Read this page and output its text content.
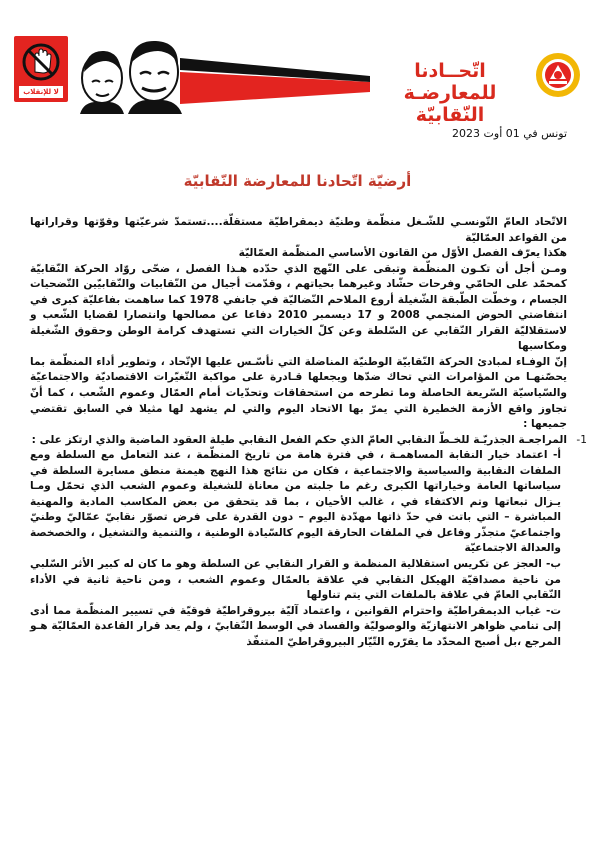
لا للإنقلاب
اتّحــادنا للمعارضـة
النّقابيّة
تونس في 01 أوت 2023
أرضيّة اتّحادنا للمعارضة النّقابيّة

الاتّحاد العامّ التّونسـي للشّـغل منظّمة وطنيّة ديمقراطيّة مستقلّة....تستمدّ شرعيّتها وقوّتها وقراراتها من القواعد العمّاليّة

هكذا يعرّف الفصل الأوّل من القانون الأساسي المنظّمة العمّاليّة

ومـن أجل أن تكـون المنظّمة وتبقى على النّهج الذي حدّده هـذا الفصل ، ضحّى روّاد الحركة النّقابيّة كمحمّد على الحامّي وفرحات حشّاد وغيرهما بحياتهم ، وقدّمت أجيال من النّقابيات والنّقابيّين التّضحيات الجسام ، وخطّت الطّبقة الشّغيلة أروع الملاحم النّضاليّة في جانفي 1978 كما ساهمت بفاعليّة كبرى في انتفاضتي الحوض المنجمي 2008 و 17 ديسمبر 2010 دفاعا عن مصالحها وانتصارا لقضايا الشّعب و لاستقلاليّة القرار النّقابي عن السّلطة وعن كلّ الخيارات التي تستهدف كرامة الوطن وحقوق الشّغيلة ومكاسبها

إنّ الوفـاء لمبادئ الحركة النّقابيّة الوطنيّة المناضلة التي تأسّـس عليها الإتّحاد ، وتطوير أداء المنظّمة بما يحصّنهـا من المؤامرات التي تحاك ضدّها ويجعلها قـادرة على مواكبة التّغيّرات الاقتصاديّة والاجتماعيّة والسّياسيّة السّريعة الحاصلة وما تطرحه من استحقاقات وتحدّيات أمام العمّال وعموم الشّعب ، كما أنّ تجاوز واقع الأزمة الخطيرة التي يمرّ بها الاتحاد اليوم والتي لم يشهد لها مثيلا في السابق تقتضي جميعها :

1-

المراجعـة الجذريّـة للخـطّ النقابي العامّ الذي حكم الفعل النقابي طيلة العقود الماضية والذي ارتكز على :

أ- اعتماد خيار النقابة المساهمـة ، في فترة هامة من تاريخ المنظّمة ، عند التعامل مع السلطة ومع الملفات النقابية والسياسية والاجتماعية ، فكان من نتائج هذا النهج هيمنة منطق مسايرة السلطة في سياساتها العامة وخياراتها الكبرى رغم ما جلبته من معاناة للشغيلة وعموم الشعب الذي تحمّل ومـا يـزال تبعاتها وتم الاكتفاء في ، غالب الأحيان ، بما قد يتحقق من بعض المكاسب المادية والمهنية المباشرة – التي باتت في حدّ ذاتها مهدّدة اليوم – دون القدرة على فرض تصوّر نقابيّ عمّاليّ وطنيّ واجتماعيّ متجذّر وفاعل في الملفات الحارقة اليوم كالسّيادة الوطنية ، والتنمية والتشغيل ، والخصخصة والعدالة الاجتماعيّة

ب- العجز عن تكريس استقلالية المنظمة و القرار النقابي عن السلطة وهو ما كان له كبير الأثر السّلبي من ناحية مصداقيّة الهيكل النقابي في علاقة بالعمّال وعموم الشعب ، ومن ناحية ثانية في الأداء النّقابي العامّ في علاقة بالملفات التي يتم تناولها

ت- غياب الديمقراطيّة واحترام القوانين ، واعتماد آليّة بيروقراطيّة فوقيّة في تسيير المنظّمة مما أدى إلى تنامي ظواهر الانتهازيّة والوصوليّة والفساد في الوسط النّقابيّ ، ولم يعد قرار القاعدة العمّاليّة هـو المرجع ،بل أصبح المحدّد ما يقرّره التّيّار البيروقراطيّ المتنفّذ
